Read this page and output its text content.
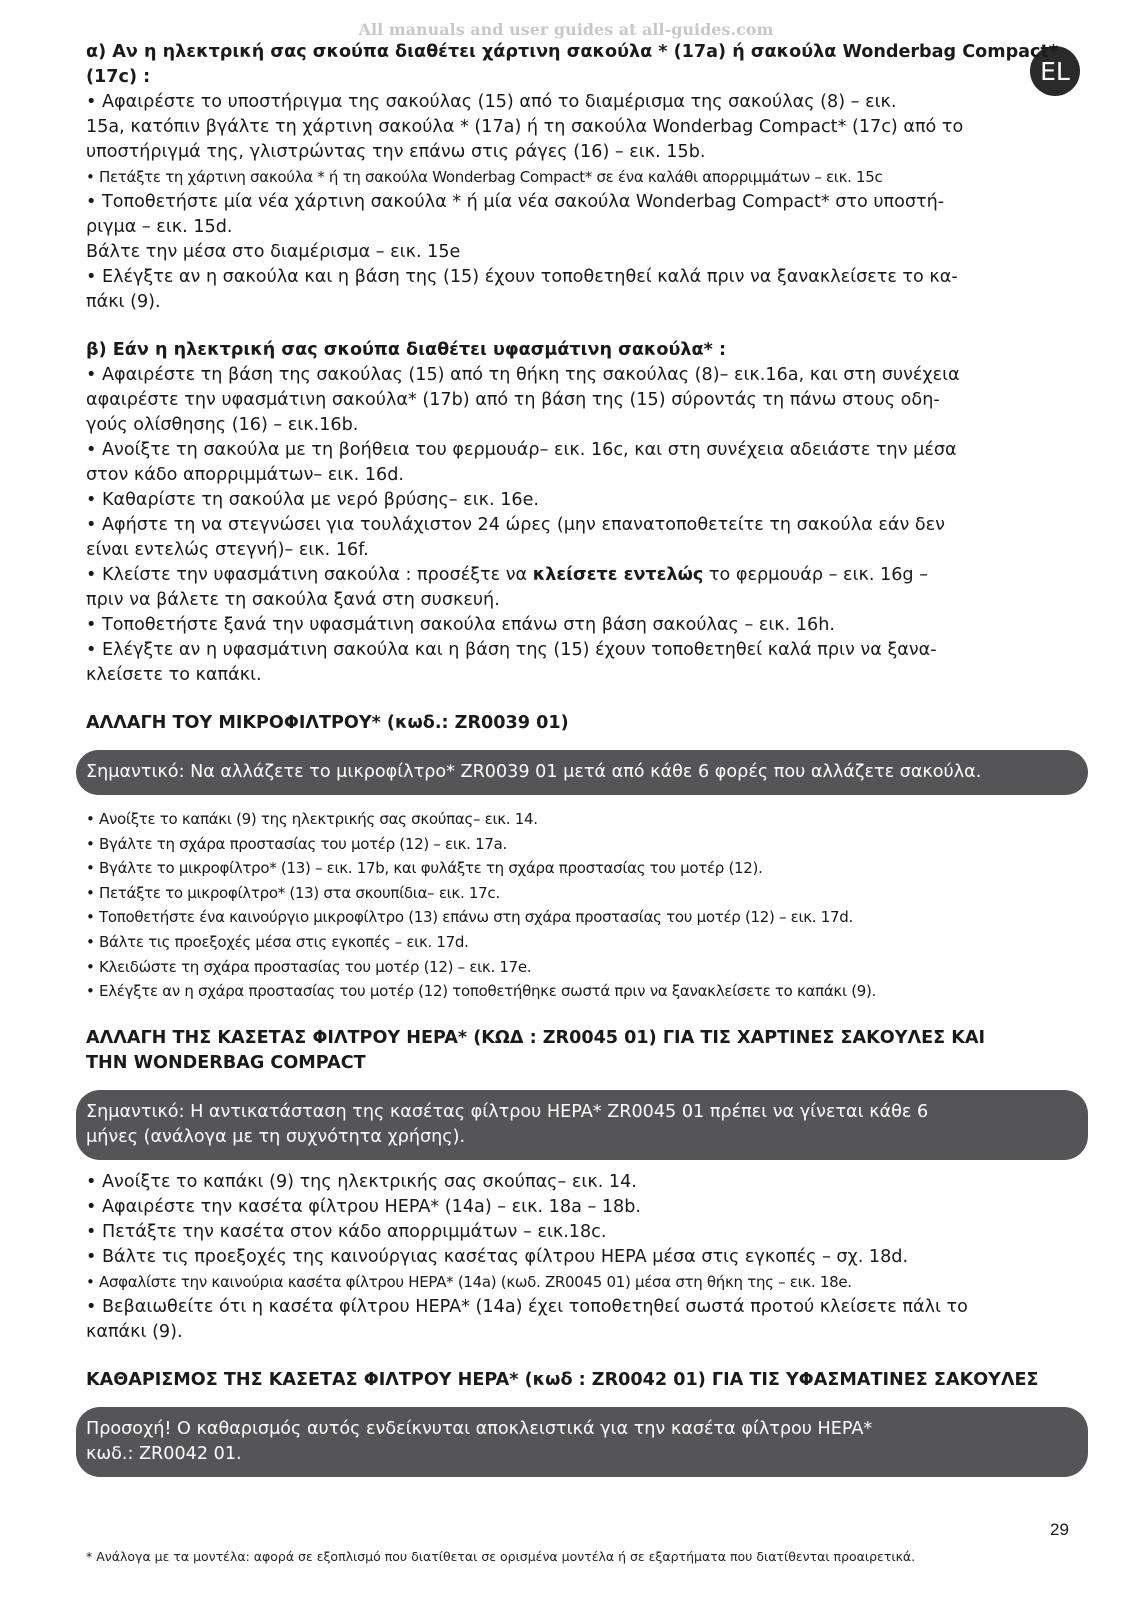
All manuals and user guides at all-guides.com
EL

α) Αν η ηλεκτρική σας σκούπα διαθέτει χάρτινη σακούλα * (17a) ή σακούλα Wonderbag Compact*

(17c) :

• Αφαιρέστε το υποστήριγμα της σακούλας (15) από το διαμέρισμα της σακούλας (8) – εικ.

15a, κατόπιν βγάλτε τη χάρτινη σακούλα * (17a) ή τη σακούλα Wonderbag Compact* (17c) από το

υποστήριγμά της, γλιστρώντας την επάνω στις ράγες (16) – εικ. 15b.

• Πετάξτε τη χάρτινη σακούλα * ή τη σακούλα Wonderbag Compact* σε ένα καλάθι απορριμμάτων – εικ. 15c

• Τοποθετήστε μία νέα χάρτινη σακούλα * ή μία νέα σακούλα Wonderbag Compact* στο υποστή-

ριγμα – εικ. 15d.

Βάλτε την μέσα στο διαμέρισμα – εικ. 15e

• Ελέγξτε αν η σακούλα και η βάση της (15) έχουν τοποθετηθεί καλά πριν να ξανακλείσετε το κα-

πάκι (9).

β) Εάν η ηλεκτρική σας σκούπα διαθέτει υφασμάτινη σακούλα* :

• Αφαιρέστε τη βάση της σακούλας (15) από τη θήκη της σακούλας (8)– εικ.16a, και στη συνέχεια

αφαιρέστε την υφασμάτινη σακούλα* (17b) από τη βάση της (15) σύροντάς τη πάνω στους οδη-

γούς ολίσθησης (16) – εικ.16b.

• Ανοίξτε τη σακούλα με τη βοήθεια του φερμουάρ– εικ. 16c, και στη συνέχεια αδειάστε την μέσα

στον κάδο απορριμμάτων– εικ. 16d.

• Καθαρίστε τη σακούλα με νερό βρύσης– εικ. 16e.

• Αφήστε τη να στεγνώσει για τουλάχιστον 24 ώρες (μην επανατοποθετείτε τη σακούλα εάν δεν

είναι εντελώς στεγνή)– εικ. 16f.

• Κλείστε την υφασμάτινη σακούλα : προσέξτε να κλείσετε εντελώς το φερμουάρ – εικ. 16g –

πριν να βάλετε τη σακούλα ξανά στη συσκευή.

• Τοποθετήστε ξανά την υφασμάτινη σακούλα επάνω στη βάση σακούλας – εικ. 16h.

• Ελέγξτε αν η υφασμάτινη σακούλα και η βάση της (15) έχουν τοποθετηθεί καλά πριν να ξανα-

κλείσετε το καπάκι.

ΑΛΛΑΓΗ ΤΟΥ ΜΙΚΡΟΦΙΛΤΡΟΥ* (κωδ.: ZR0039 01)

Σημαντικό: Να αλλάζετε το μικροφίλτρο* ZR0039 01 μετά από κάθε 6 φορές που αλλάζετε σακούλα.

• Ανοίξτε το καπάκι (9) της ηλεκτρικής σας σκούπας– εικ. 14.

• Βγάλτε τη σχάρα προστασίας του μοτέρ (12) – εικ. 17a.

• Βγάλτε το μικροφίλτρο* (13) – εικ. 17b, και φυλάξτε τη σχάρα προστασίας του μοτέρ (12).

• Πετάξτε το μικροφίλτρο* (13) στα σκουπίδια– εικ. 17c.

• Τοποθετήστε ένα καινούργιο μικροφίλτρο (13) επάνω στη σχάρα προστασίας του μοτέρ (12) – εικ. 17d.

• Βάλτε τις προεξοχές μέσα στις εγκοπές – εικ. 17d.

• Κλειδώστε τη σχάρα προστασίας του μοτέρ (12) – εικ. 17e.

• Ελέγξτε αν η σχάρα προστασίας του μοτέρ (12) τοποθετήθηκε σωστά πριν να ξανακλείσετε το καπάκι (9).

ΑΛΛΑΓΗ ΤΗΣ ΚΑΣΕΤΑΣ ΦΙΛΤΡΟΥ HEPA* (ΚΩΔ : ZR0045 01) ΓΙΑ ΤΙΣ ΧΑΡΤΙΝΕΣ ΣΑΚΟΥΛΕΣ ΚΑΙ

ΤΗΝ WONDERBAG COMPACT

Σημαντικό: Η αντικατάσταση της κασέτας φίλτρου HEPA* ZR0045 01 πρέπει να γίνεται κάθε 6
μήνες (ανάλογα με τη συχνότητα χρήσης).

• Ανοίξτε το καπάκι (9) της ηλεκτρικής σας σκούπας– εικ. 14.

• Αφαιρέστε την κασέτα φίλτρου HEPA* (14a) – εικ. 18a – 18b.

• Πετάξτε την κασέτα στον κάδο απορριμμάτων – εικ.18c.

• Βάλτε τις προεξοχές της καινούργιας κασέτας φίλτρου HEPA μέσα στις εγκοπές – σχ. 18d.

• Ασφαλίστε την καινούρια κασέτα φίλτρου HEPA* (14a) (κωδ. ZR0045 01) μέσα στη θήκη της – εικ. 18e.

• Βεβαιωθείτε ότι η κασέτα φίλτρου HEPA* (14a) έχει τοποθετηθεί σωστά προτού κλείσετε πάλι το

καπάκι (9).

ΚΑΘΑΡΙΣΜΟΣ ΤΗΣ ΚΑΣΕΤΑΣ ΦΙΛΤΡΟΥ HEPA* (κωδ : ZR0042 01) ΓΙΑ ΤΙΣ ΥΦΑΣΜΑΤΙΝΕΣ ΣΑΚΟΥΛΕΣ

Προσοχή! Ο καθαρισμός αυτός ενδείκνυται αποκλειστικά για την κασέτα φίλτρου HEPA*
κωδ.: ZR0042 01.
29
* Ανάλογα με τα μοντέλα: αφορά σε εξοπλισμό που διατίθεται σε ορισμένα μοντέλα ή σε εξαρτήματα που διατίθενται προαιρετικά.
